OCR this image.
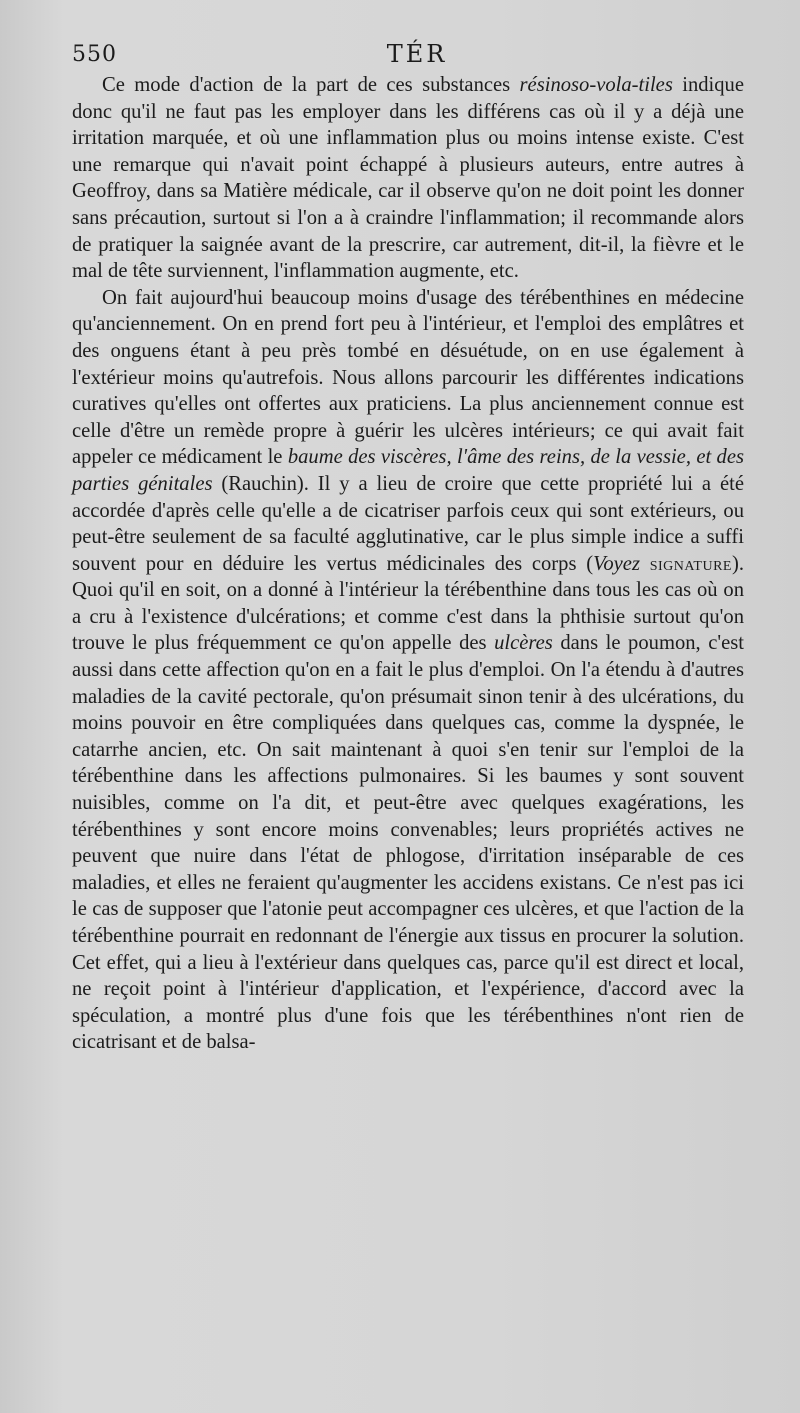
550	TÉR

Ce mode d'action de la part de ces substances résinoso-vola-tiles indique donc qu'il ne faut pas les employer dans les différens cas où il y a déjà une irritation marquée, et où une inflammation plus ou moins intense existe. C'est une remarque qui n'avait point échappé à plusieurs auteurs, entre autres à Geoffroy, dans sa Matière médicale, car il observe qu'on ne doit point les donner sans précaution, surtout si l'on a à craindre l'inflammation; il recommande alors de pratiquer la saignée avant de la prescrire, car autrement, dit-il, la fièvre et le mal de tête surviennent, l'inflammation augmente, etc.

On fait aujourd'hui beaucoup moins d'usage des térébenthines en médecine qu'anciennement. On en prend fort peu à l'intérieur, et l'emploi des emplâtres et des onguens étant à peu près tombé en désuétude, on en use également à l'extérieur moins qu'autrefois. Nous allons parcourir les différentes indications curatives qu'elles ont offertes aux praticiens. La plus anciennement connue est celle d'être un remède propre à guérir les ulcères intérieurs; ce qui avait fait appeler ce médicament le baume des viscères, l'âme des reins, de la vessie, et des parties génitales (Rauchin). Il y a lieu de croire que cette propriété lui a été accordée d'après celle qu'elle a de cicatriser parfois ceux qui sont extérieurs, ou peut-être seulement de sa faculté agglutinative, car le plus simple indice a suffi souvent pour en déduire les vertus médicinales des corps (Voyez signature). Quoi qu'il en soit, on a donné à l'intérieur la térébenthine dans tous les cas où on a cru à l'existence d'ulcérations; et comme c'est dans la phthisie surtout qu'on trouve le plus fréquemment ce qu'on appelle des ulcères dans le poumon, c'est aussi dans cette affection qu'on en a fait le plus d'emploi. On l'a étendu à d'autres maladies de la cavité pectorale, qu'on présumait sinon tenir à des ulcérations, du moins pouvoir en être compliquées dans quelques cas, comme la dyspnée, le catarrhe ancien, etc. On sait maintenant à quoi s'en tenir sur l'emploi de la térébenthine dans les affections pulmonaires. Si les baumes y sont souvent nuisibles, comme on l'a dit, et peut-être avec quelques exagérations, les térébenthines y sont encore moins convenables; leurs propriétés actives ne peuvent que nuire dans l'état de phlogose, d'irritation inséparable de ces maladies, et elles ne feraient qu'augmenter les accidens existans. Ce n'est pas ici le cas de supposer que l'atonie peut accompagner ces ulcères, et que l'action de la térébenthine pourrait en redonnant de l'énergie aux tissus en procurer la solution. Cet effet, qui a lieu à l'extérieur dans quelques cas, parce qu'il est direct et local, ne reçoit point à l'intérieur d'application, et l'expérience, d'accord avec la spéculation, a montré plus d'une fois que les térébenthines n'ont rien de cicatrisant et de balsa-
